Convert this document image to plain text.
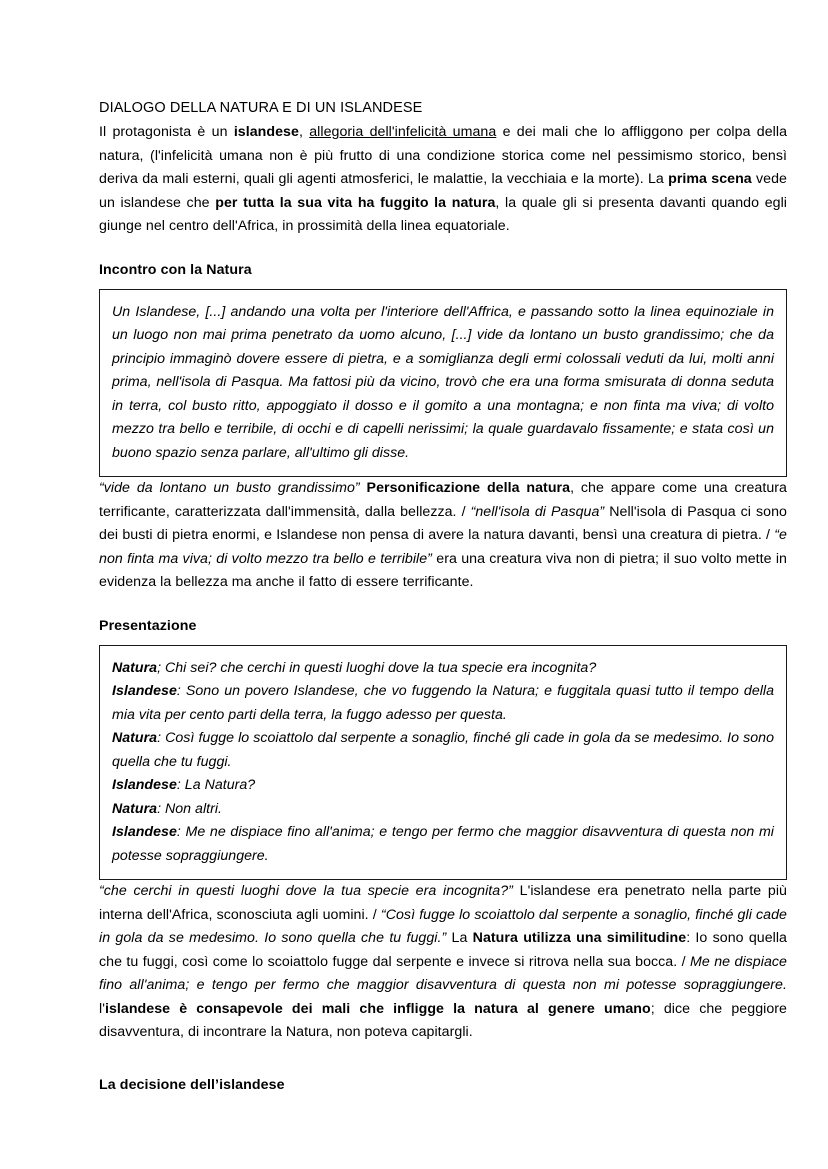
DIALOGO DELLA NATURA E DI UN ISLANDESE

Il protagonista è un islandese, allegoria dell'infelicità umana e dei mali che lo affliggono per colpa della natura, (l'infelicità umana non è più frutto di una condizione storica come nel pessimismo storico, bensì deriva da mali esterni, quali gli agenti atmosferici, le malattie, la vecchiaia e la morte). La prima scena vede un islandese che per tutta la sua vita ha fuggito la natura, la quale gli si presenta davanti quando egli giunge nel centro dell'Africa, in prossimità della linea equatoriale.

Incontro con la Natura

Un Islandese, [...] andando una volta per l'interiore dell'Affrica, e passando sotto la linea equinoziale in un luogo non mai prima penetrato da uomo alcuno, [...] vide da lontano un busto grandissimo; che da principio immaginò dovere essere di pietra, e a somiglianza degli ermi colossali veduti da lui, molti anni prima, nell'isola di Pasqua. Ma fattosi più da vicino, trovò che era una forma smisurata di donna seduta in terra, col busto ritto, appoggiato il dosso e il gomito a una montagna; e non finta ma viva; di volto mezzo tra bello e terribile, di occhi e di capelli nerissimi; la quale guardavalo fissamente; e stata così un buono spazio senza parlare, all'ultimo gli disse.

“vide da lontano un busto grandissimo” Personificazione della natura, che appare come una creatura terrificante, caratterizzata dall'immensità, dalla bellezza. / “nell'isola di Pasqua” Nell'isola di Pasqua ci sono dei busti di pietra enormi, e Islandese non pensa di avere la natura davanti, bensì una creatura di pietra. / “e non finta ma viva; di volto mezzo tra bello e terribile” era una creatura viva non di pietra; il suo volto mette in evidenza la bellezza ma anche il fatto di essere terrificante.

Presentazione

Natura; Chi sei? che cerchi in questi luoghi dove la tua specie era incognita?

Islandese: Sono un povero Islandese, che vo fuggendo la Natura; e fuggitala quasi tutto il tempo della mia vita per cento parti della terra, la fuggo adesso per questa.

Natura: Così fugge lo scoiattolo dal serpente a sonaglio, finché gli cade in gola da se medesimo. Io sono quella che tu fuggi.

Islandese: La Natura?

Natura: Non altri.

Islandese: Me ne dispiace fino all'anima; e tengo per fermo che maggior disavventura di questa non mi potesse sopraggiungere.

“che cerchi in questi luoghi dove la tua specie era incognita?” L'islandese era penetrato nella parte più interna dell'Africa, sconosciuta agli uomini. / “Così fugge lo scoiattolo dal serpente a sonaglio, finché gli cade in gola da se medesimo. Io sono quella che tu fuggi.” La Natura utilizza una similitudine: Io sono quella che tu fuggi, così come lo scoiattolo fugge dal serpente e invece si ritrova nella sua bocca. / Me ne dispiace fino all'anima; e tengo per fermo che maggior disavventura di questa non mi potesse sopraggiungere. l'islandese è consapevole dei mali che infligge la natura al genere umano; dice che peggiore disavventura, di incontrare la Natura, non poteva capitargli.

La decisione dell’islandese
